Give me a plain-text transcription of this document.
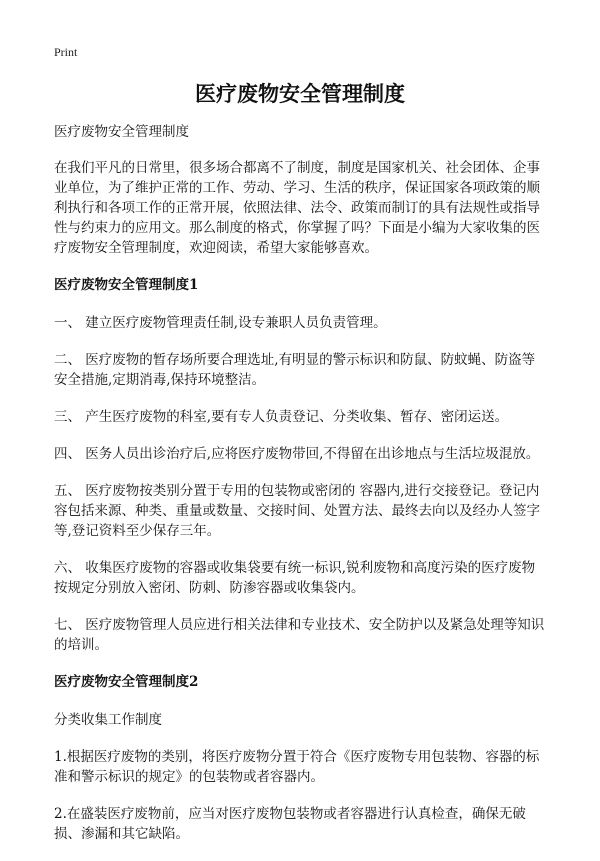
Print
医疗废物安全管理制度

医疗废物安全管理制度

在我们平凡的日常里，很多场合都离不了制度，制度是国家机关、社会团体、企事业单位，为了维护正常的工作、劳动、学习、生活的秩序，保证国家各项政策的顺利执行和各项工作的正常开展，依照法律、法令、政策而制订的具有法规性或指导性与约束力的应用文。那么制度的格式，你掌握了吗？下面是小编为大家收集的医疗废物安全管理制度，欢迎阅读，希望大家能够喜欢。

医疗废物安全管理制度1

一、 建立医疗废物管理责任制,设专兼职人员负责管理。

二、 医疗废物的暂存场所要合理选址,有明显的警示标识和防鼠、防蚊蝇、防盗等安全措施,定期消毒,保持环境整洁。

三、 产生医疗废物的科室,要有专人负责登记、分类收集、暂存、密闭运送。

四、 医务人员出诊治疗后,应将医疗废物带回,不得留在出诊地点与生活垃圾混放。

五、 医疗废物按类别分置于专用的包装物或密闭的 容器内,进行交接登记。登记内容包括来源、种类、重量或数量、交接时间、处置方法、最终去向以及经办人签字等,登记资料至少保存三年。

六、 收集医疗废物的容器或收集袋要有统一标识,锐利废物和高度污染的医疗废物按规定分别放入密闭、防刺、防渗容器或收集袋内。

七、 医疗废物管理人员应进行相关法律和专业技术、安全防护以及紧急处理等知识的培训。

医疗废物安全管理制度2

分类收集工作制度

1.根据医疗废物的类别，将医疗废物分置于符合《医疗废物专用包装物、容器的标准和警示标识的规定》的包装物或者容器内。

2.在盛装医疗废物前，应当对医疗废物包装物或者容器进行认真检查，确保无破损、渗漏和其它缺陷。
